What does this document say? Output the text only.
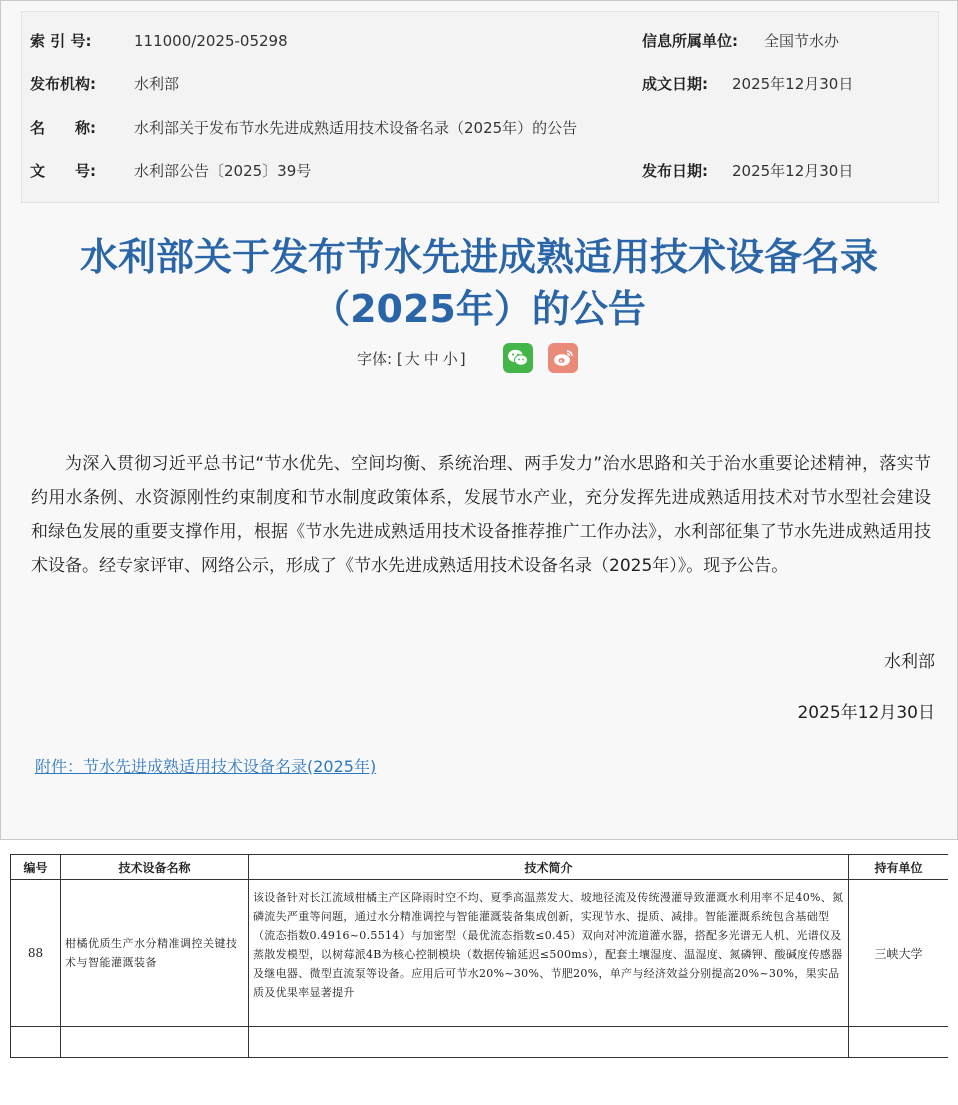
索 引 号:	111000/2025-05298	信息所属单位: 全国节水办
发布机构:	水利部	成文日期: 2025年12月30日
名　　称:	水利部关于发布节水先进成熟适用技术设备名录（2025年）的公告
文　　号:	水利部公告〔2025〕39号	发布日期: 2025年12月30日
水利部关于发布节水先进成熟适用技术设备名录
（2025年）的公告
字体: [ 大 中 小 ]
为深入贯彻习近平总书记“节水优先、空间均衡、系统治理、两手发力”治水思路和关于治水重要论述精神，落实节约用水条例、水资源刚性约束制度和节水制度政策体系，发展节水产业，充分发挥先进成熟适用技术对节水型社会建设和绿色发展的重要支撑作用，根据《节水先进成熟适用技术设备推荐推广工作办法》，水利部征集了节水先进成熟适用技术设备。经专家评审、网络公示，形成了《节水先进成熟适用技术设备名录（2025年）》。现予公告。
水利部
2025年12月30日
附件：节水先进成熟适用技术设备名录(2025年)
编号	技术设备名称	技术简介	持有单位
88	柑橘优质生产水分精准调控关键技术与智能灌溉装备	该设备针对长江流域柑橘主产区降雨时空不均、夏季高温蒸发大、坡地径流及传统漫灌导致灌溉水利用率不足40%、氮磷流失严重等问题，通过水分精准调控与智能灌溉装备集成创新，实现节水、提质、减排。智能灌溉系统包含基础型（流态指数0.4916~0.5514）与加密型（最优流态指数≤0.45）双向对冲流道灌水器，搭配多光谱无人机、光谱仪及蒸散发模型，以树莓派4B为核心控制模块（数据传输延迟≤500ms），配套土壤湿度、温湿度、氮磷钾、酸碱度传感器及继电器、微型直流泵等设备。应用后可节水20%~30%、节肥20%，单产与经济效益分别提高20%~30%，果实品质及优果率显著提升	三峡大学
